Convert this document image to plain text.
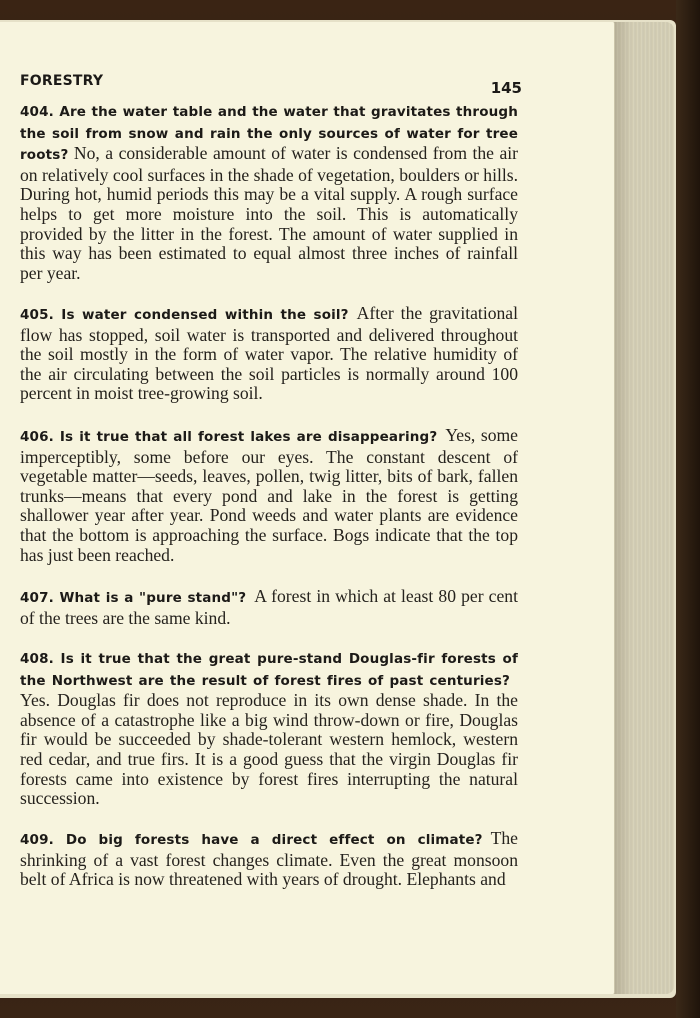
FORESTRY	145
404. Are the water table and the water that gravitates through the soil from snow and rain the only sources of water for tree roots? No, a considerable amount of water is condensed from the air on relatively cool surfaces in the shade of vegetation, boulders or hills. During hot, humid periods this may be a vital supply. A rough surface helps to get more moisture into the soil. This is automatically provided by the litter in the forest. The amount of water supplied in this way has been estimated to equal almost three inches of rainfall per year.
405. Is water condensed within the soil? After the gravitational flow has stopped, soil water is transported and delivered throughout the soil mostly in the form of water vapor. The relative humidity of the air circulating between the soil particles is normally around 100 percent in moist tree-growing soil.
406. Is it true that all forest lakes are disappearing? Yes, some imperceptibly, some before our eyes. The constant descent of vegetable matter—seeds, leaves, pollen, twig litter, bits of bark, fallen trunks—means that every pond and lake in the forest is getting shallower year after year. Pond weeds and water plants are evidence that the bottom is approaching the surface. Bogs indicate that the top has just been reached.
407. What is a "pure stand"? A forest in which at least 80 per cent of the trees are the same kind.
408. Is it true that the great pure-stand Douglas-fir forests of the Northwest are the result of forest fires of past centuries?Yes. Douglas fir does not reproduce in its own dense shade. In the absence of a catastrophe like a big wind throw-down or fire, Douglas fir would be succeeded by shade-tolerant western hemlock, western red cedar, and true firs. It is a good guess that the virgin Douglas fir forests came into existence by forest fires interrupting the natural succession.
409. Do big forests have a direct effect on climate? The shrinking of a vast forest changes climate. Even the great monsoon belt of Africa is now threatened with years of drought. Elephants and
